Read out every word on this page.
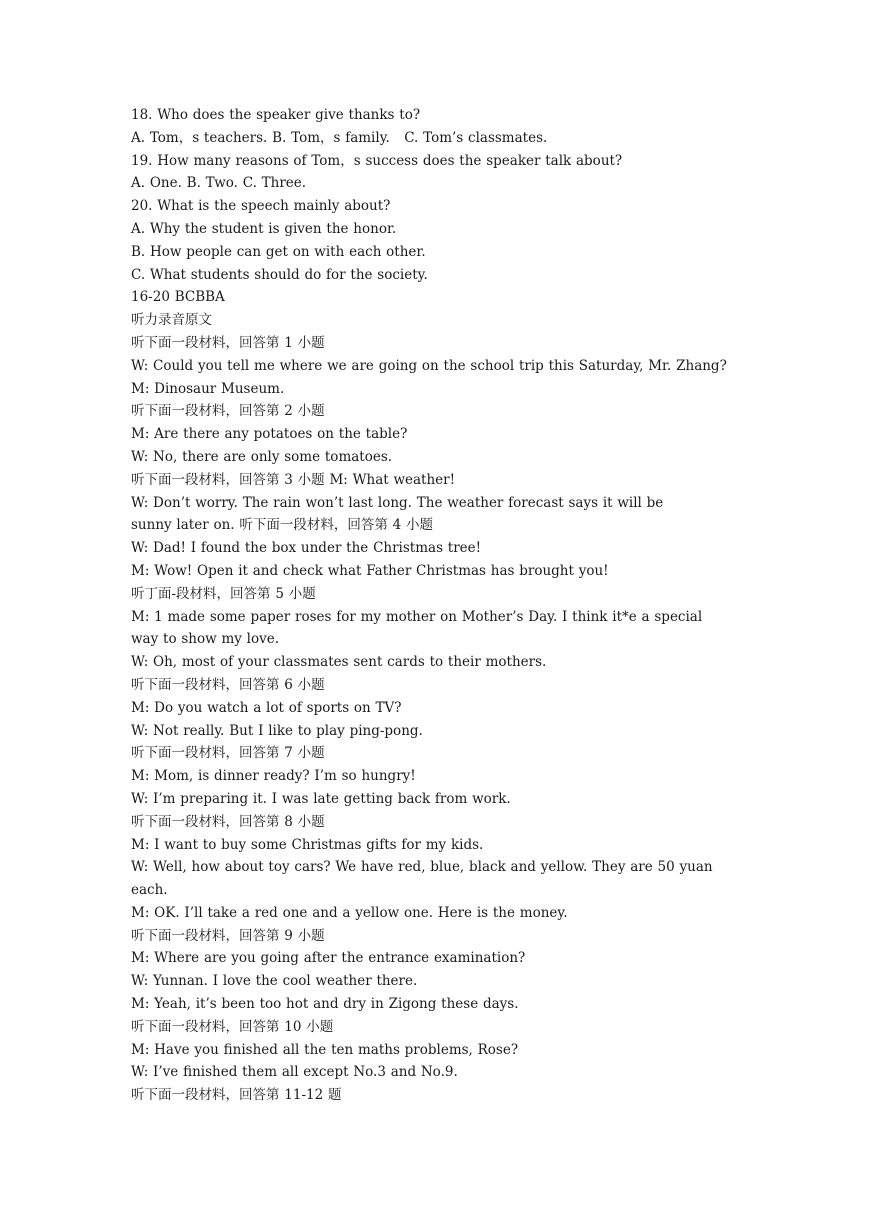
18. Who does the speaker give thanks to?

A. Tom，s teachers. B. Tom，s family.   C. Tom’s classmates.

19. How many reasons of Tom，s success does the speaker talk about?

A. One. B. Two. C. Three.

20. What is the speech mainly about?

A. Why the student is given the honor.

B. How people can get on with each other.

C. What students should do for the society.

16-20 BCBBA

听力录音原文

听下面一段材料，回答第 1 小题

W: Could you tell me where we are going on the school trip this Saturday, Mr. Zhang?

M: Dinosaur Museum.

听下面一段材料，回答第 2 小题

M: Are there any potatoes on the table?

W: No, there are only some tomatoes.

听下面一段材料，回答第 3 小题 M: What weather!

W: Don’t worry. The rain won’t last long. The weather forecast says it will be

sunny later on. 听下面一段材料，回答第 4 小题

W: Dad! I found the box under the Christmas tree!

M: Wow! Open it and check what Father Christmas has brought you!

听丁面-段材料，回答第 5 小题

M: 1 made some paper roses for my mother on Mother’s Day. I think it*e a special

way to show my love.

W: Oh, most of your classmates sent cards to their mothers.

听下面一段材料，回答第 6 小题

M: Do you watch a lot of sports on TV?

W: Not really. But I like to play ping-pong.

听下面一段材料，回答第 7 小题

M: Mom, is dinner ready? I’m so hungry!

W: I’m preparing it. I was late getting back from work.

听下面一段材料，回答第 8 小题

M: I want to buy some Christmas gifts for my kids.

W: Well, how about toy cars? We have red, blue, black and yellow. They are 50 yuan

each.

M: OK. I’ll take a red one and a yellow one. Here is the money.

听下面一段材料，回答第 9 小题

M: Where are you going after the entrance examination?

W: Yunnan. I love the cool weather there.

M: Yeah, it’s been too hot and dry in Zigong these days.

听下面一段材料，回答第 10 小题

M: Have you finished all the ten maths problems, Rose?

W: I’ve finished them all except No.3 and No.9.

听下面一段材料，回答第 11-12 题
